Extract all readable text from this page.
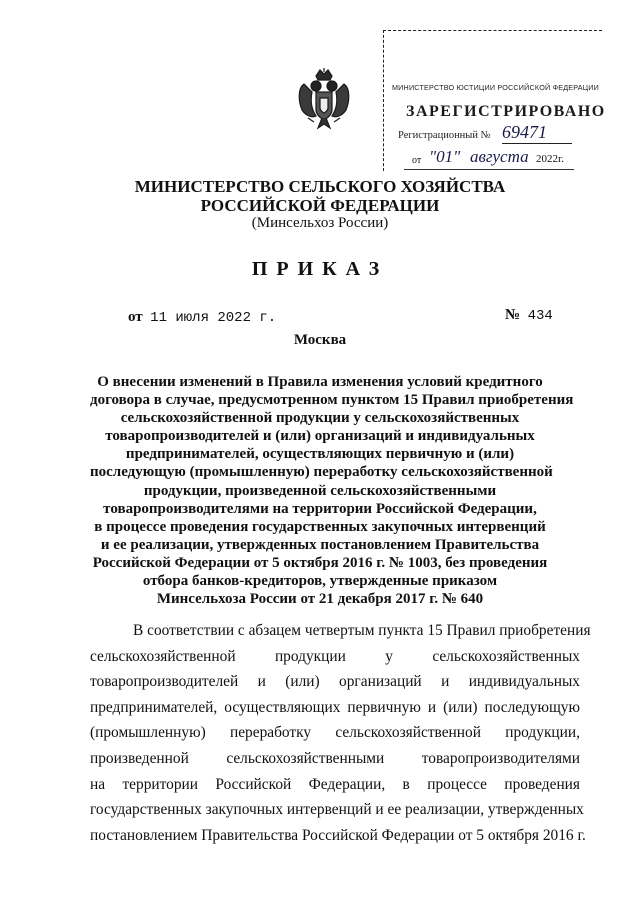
МИНИСТЕРСТВО ЮСТИЦИИ РОССИЙСКОЙ ФЕДЕРАЦИИ
ЗАРЕГИСТРИРОВАНО
Регистрационный № 69471
от "01" августа 2022г.
МИНИСТЕРСТВО СЕЛЬСКОГО ХОЗЯЙСТВА
РОССИЙСКОЙ ФЕДЕРАЦИИ
(Минсельхоз России)
ПРИКАЗ
от 11 июля 2022 г.	№ 434
Москва
О внесении изменений в Правила изменения условий кредитного
договора в случае, предусмотренном пунктом 15 Правил приобретения
сельскохозяйственной продукции у сельскохозяйственных
товаропроизводителей и (или) организаций и индивидуальных
предпринимателей, осуществляющих первичную и (или)
последующую (промышленную) переработку сельскохозяйственной
продукции, произведенной сельскохозяйственными
товаропроизводителями на территории Российской Федерации,
в процессе проведения государственных закупочных интервенций
и ее реализации, утвержденных постановлением Правительства
Российской Федерации от 5 октября 2016 г. № 1003, без проведения
отбора банков-кредиторов, утвержденные приказом
Минсельхоза России от 21 декабря 2017 г. № 640
В соответствии с абзацем четвертым пункта 15 Правил приобретения
сельскохозяйственной продукции у сельскохозяйственных
товаропроизводителей и (или) организаций и индивидуальных
предпринимателей, осуществляющих первичную и (или) последующую
(промышленную) переработку сельскохозяйственной продукции,
произведенной сельскохозяйственными товаропроизводителями
на территории Российской Федерации, в процессе проведения
государственных закупочных интервенций и ее реализации, утвержденных
постановлением Правительства Российской Федерации от 5 октября 2016 г.
